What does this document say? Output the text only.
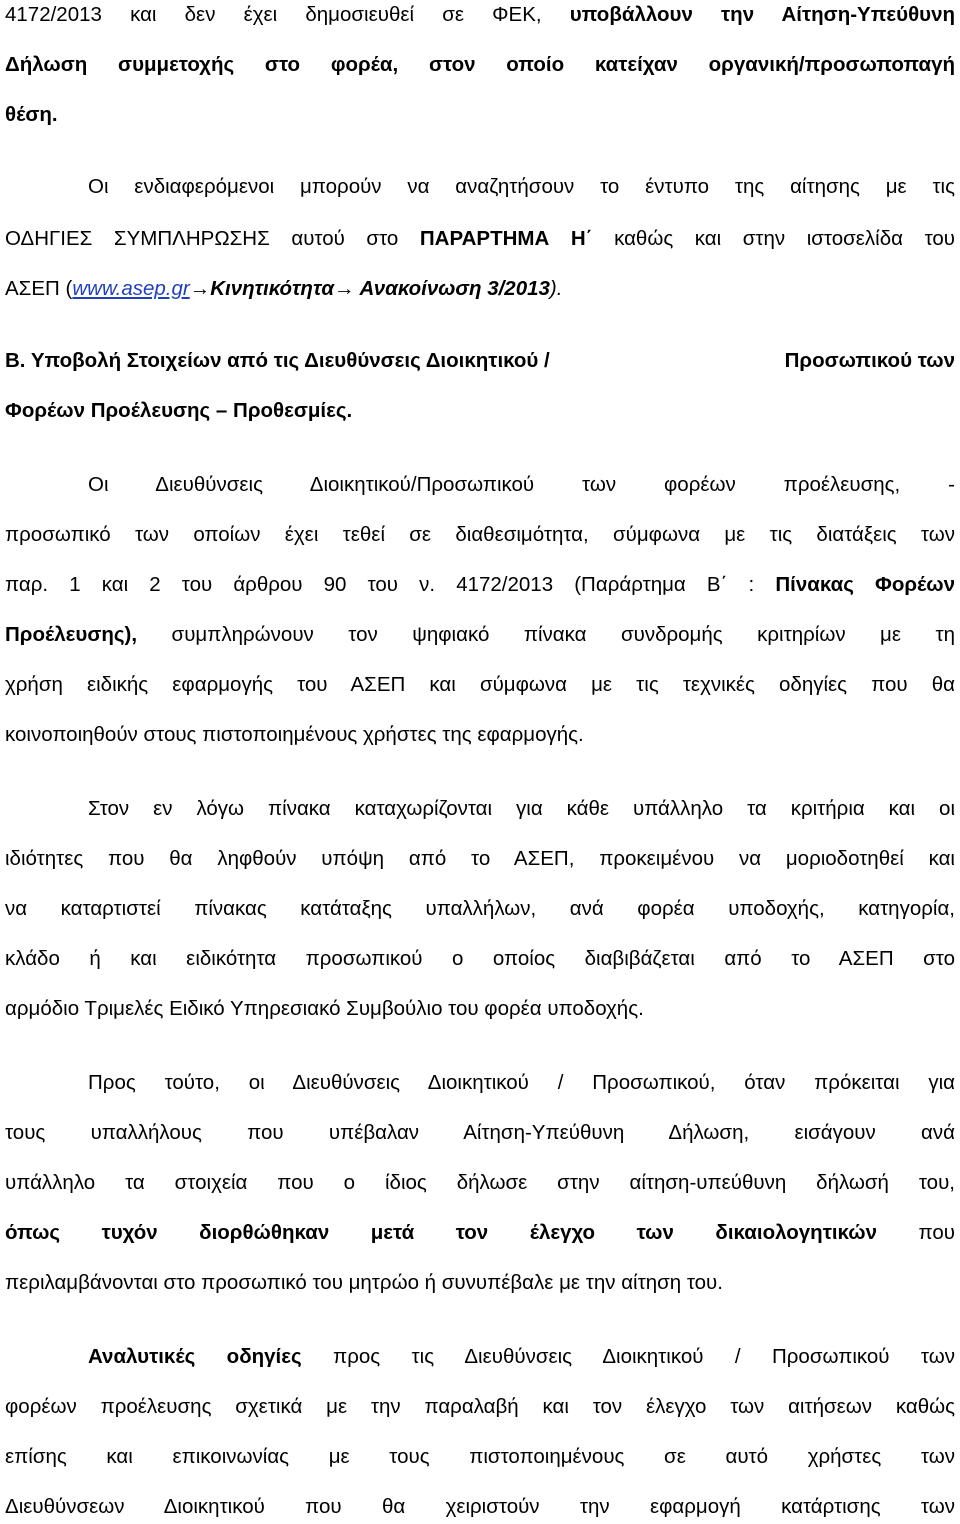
4172/2013 και δεν έχει δημοσιευθεί σε ΦΕΚ, υποβάλλουν την Αίτηση-Υπεύθυνη
Δήλωση συμμετοχής στο φορέα, στον οποίο κατείχαν οργανική/προσωποπαγή
θέση.
Οι ενδιαφερόμενοι μπορούν να αναζητήσουν το έντυπο της αίτησης με τις
ΟΔΗΓΙΕΣ ΣΥΜΠΛΗΡΩΣΗΣ αυτού στο ΠΑΡΑΡΤΗΜΑ Η΄ καθώς και στην ιστοσελίδα του
ΑΣΕΠ (www.asep.gr→Κινητικότητα→ Ανακοίνωση 3/2013).
Β. Υποβολή Στοιχείων από τις Διευθύνσεις Διοικητικού /	Προσωπικού των
Φορέων Προέλευσης – Προθεσμίες.
Οι Διευθύνσεις Διοικητικού/Προσωπικού των φορέων προέλευσης, -
προσωπικό των οποίων έχει τεθεί σε διαθεσιμότητα, σύμφωνα με τις διατάξεις των
παρ. 1 και 2 του άρθρου 90 του ν. 4172/2013 (Παράρτημα Β΄ : Πίνακας Φορέων
Προέλευσης), συμπληρώνουν τον ψηφιακό πίνακα συνδρομής κριτηρίων με τη
χρήση ειδικής εφαρμογής του ΑΣΕΠ και σύμφωνα με τις τεχνικές οδηγίες που θα
κοινοποιηθούν στους πιστοποιημένους χρήστες της εφαρμογής.
Στον εν λόγω πίνακα καταχωρίζονται για κάθε υπάλληλο τα κριτήρια και οι
ιδιότητες που θα ληφθούν υπόψη από το ΑΣΕΠ, προκειμένου να μοριοδοτηθεί και
να καταρτιστεί πίνακας κατάταξης υπαλλήλων, ανά φορέα υποδοχής, κατηγορία,
κλάδο ή και ειδικότητα προσωπικού ο οποίος διαβιβάζεται από το ΑΣΕΠ στο
αρμόδιο Τριμελές Ειδικό Υπηρεσιακό Συμβούλιο του φορέα υποδοχής.
Προς τούτο, οι Διευθύνσεις Διοικητικού / Προσωπικού, όταν πρόκειται για
τους υπαλλήλους που υπέβαλαν Αίτηση-Υπεύθυνη Δήλωση, εισάγουν ανά
υπάλληλο τα στοιχεία που ο ίδιος δήλωσε στην αίτηση-υπεύθυνη δήλωσή του,
όπως τυχόν διορθώθηκαν μετά τον έλεγχο των δικαιολογητικών που
περιλαμβάνονται στο προσωπικό του μητρώο ή συνυπέβαλε με την αίτηση του.
Αναλυτικές οδηγίες προς τις Διευθύνσεις Διοικητικού / Προσωπικού των
φορέων προέλευσης σχετικά με την παραλαβή και τον έλεγχο των αιτήσεων καθώς
επίσης και επικοινωνίας με τους πιστοποιημένους σε αυτό χρήστες των
Διευθύνσεων Διοικητικού που θα χειριστούν την εφαρμογή κατάρτισης των
